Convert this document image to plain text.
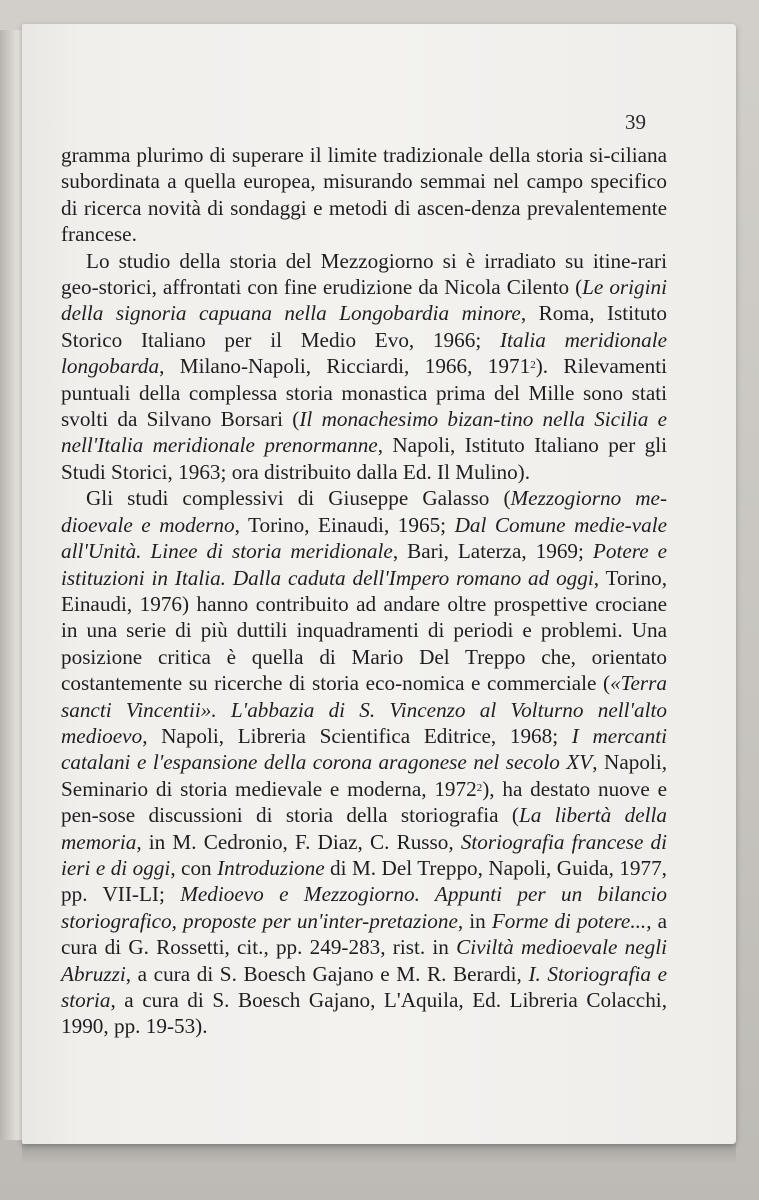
39

gramma plurimo di superare il limite tradizionale della storia si-ciliana subordinata a quella europea, misurando semmai nel campo specifico di ricerca novità di sondaggi e metodi di ascen-denza prevalentemente francese.

Lo studio della storia del Mezzogiorno si è irradiato su itine-rari geo-storici, affrontati con fine erudizione da Nicola Cilento (Le origini della signoria capuana nella Longobardia minore, Roma, Istituto Storico Italiano per il Medio Evo, 1966; Italia meridionale longobarda, Milano-Napoli, Ricciardi, 1966, 1971$^2$). Rilevamenti puntuali della complessa storia monastica prima del Mille sono stati svolti da Silvano Borsari (Il monachesimo bizan-tino nella Sicilia e nell'Italia meridionale prenormanne, Napoli, Istituto Italiano per gli Studi Storici, 1963; ora distribuito dalla Ed. Il Mulino).

Gli studi complessivi di Giuseppe Galasso (Mezzogiorno me-dioevale e moderno, Torino, Einaudi, 1965; Dal Comune medie-vale all'Unità. Linee di storia meridionale, Bari, Laterza, 1969; Potere e istituzioni in Italia. Dalla caduta dell'Impero romano ad oggi, Torino, Einaudi, 1976) hanno contribuito ad andare oltre prospettive crociane in una serie di più duttili inquadramenti di periodi e problemi. Una posizione critica è quella di Mario Del Treppo che, orientato costantemente su ricerche di storia eco-nomica e commerciale («Terra sancti Vincentii». L'abbazia di S. Vincenzo al Volturno nell'alto medioevo, Napoli, Libreria Scientifica Editrice, 1968; I mercanti catalani e l'espansione della corona aragonese nel secolo XV, Napoli, Seminario di storia medievale e moderna, 1972$^2$), ha destato nuove e pen-sose discussioni di storia della storiografia (La libertà della memoria, in M. Cedronio, F. Diaz, C. Russo, Storiografia francese di ieri e di oggi, con Introduzione di M. Del Treppo, Napoli, Guida, 1977, pp. VII-LI; Medioevo e Mezzogiorno. Appunti per un bilancio storiografico, proposte per un'inter-pretazione, in Forme di potere..., a cura di G. Rossetti, cit., pp. 249-283, rist. in Civiltà medioevale negli Abruzzi, a cura di S. Boesch Gajano e M. R. Berardi, I. Storiografia e storia, a cura di S. Boesch Gajano, L'Aquila, Ed. Libreria Colacchi, 1990, pp. 19-53).
